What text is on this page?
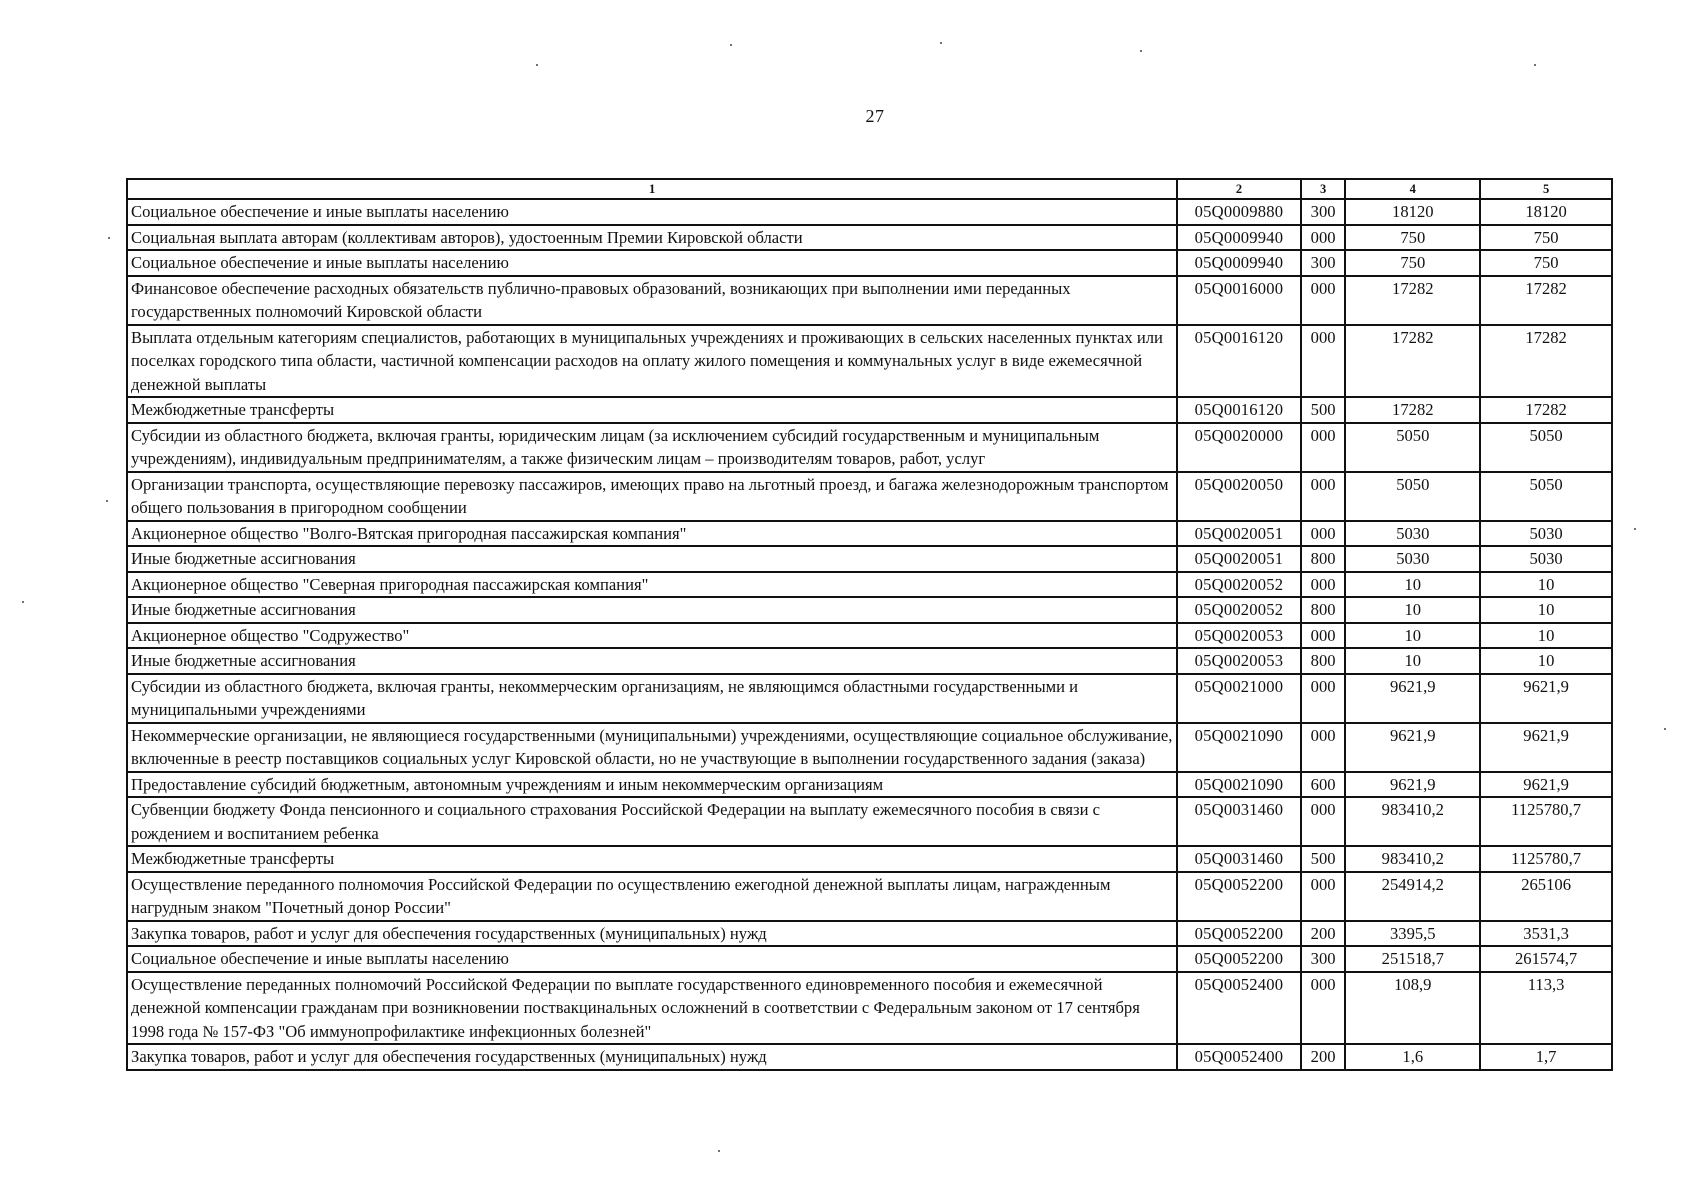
27
1	2	3	4	5
Социальное обеспечение и иные выплаты населению	05Q0009880	300	18120	18120
Социальная выплата авторам (коллективам авторов), удостоенным Премии Кировской области	05Q0009940	000	750	750
Социальное обеспечение и иные выплаты населению	05Q0009940	300	750	750
Финансовое обеспечение расходных обязательств публично-правовых образований, возникающих при выполнении ими переданных государственных полномочий Кировской области	05Q0016000	000	17282	17282
Выплата отдельным категориям специалистов, работающих в муниципальных учреждениях и проживающих в сельских населенных пунктах или поселках городского типа области, частичной компенсации расходов на оплату жилого помещения и коммунальных услуг в виде ежемесячной денежной выплаты	05Q0016120	000	17282	17282
Межбюджетные трансферты	05Q0016120	500	17282	17282
Субсидии из областного бюджета, включая гранты, юридическим лицам (за исключением субсидий государственным и муниципальным учреждениям), индивидуальным предпринимателям, а также физическим лицам – производителям товаров, работ, услуг	05Q0020000	000	5050	5050
Организации транспорта, осуществляющие перевозку пассажиров, имеющих право на льготный проезд, и багажа железнодорожным транспортом общего пользования в пригородном сообщении	05Q0020050	000	5050	5050
Акционерное общество "Волго-Вятская пригородная пассажирская компания"	05Q0020051	000	5030	5030
Иные бюджетные ассигнования	05Q0020051	800	5030	5030
Акционерное общество "Северная пригородная пассажирская компания"	05Q0020052	000	10	10
Иные бюджетные ассигнования	05Q0020052	800	10	10
Акционерное общество "Содружество"	05Q0020053	000	10	10
Иные бюджетные ассигнования	05Q0020053	800	10	10
Субсидии из областного бюджета, включая гранты, некоммерческим организациям, не являющимся областными государственными и муниципальными учреждениями	05Q0021000	000	9621,9	9621,9
Некоммерческие организации, не являющиеся государственными (муниципальными) учреждениями, осуществляющие социальное обслуживание, включенные в реестр поставщиков социальных услуг Кировской области, но не участвующие в выполнении государственного задания (заказа)	05Q0021090	000	9621,9	9621,9
Предоставление субсидий бюджетным, автономным учреждениям и иным некоммерческим организациям	05Q0021090	600	9621,9	9621,9
Субвенции бюджету Фонда пенсионного и социального страхования Российской Федерации на выплату ежемесячного пособия в связи с рождением и воспитанием ребенка	05Q0031460	000	983410,2	1125780,7
Межбюджетные трансферты	05Q0031460	500	983410,2	1125780,7
Осуществление переданного полномочия Российской Федерации по осуществлению ежегодной денежной выплаты лицам, награжденным нагрудным знаком "Почетный донор России"	05Q0052200	000	254914,2	265106
Закупка товаров, работ и услуг для обеспечения государственных (муниципальных) нужд	05Q0052200	200	3395,5	3531,3
Социальное обеспечение и иные выплаты населению	05Q0052200	300	251518,7	261574,7
Осуществление переданных полномочий Российской Федерации по выплате государственного единовременного пособия и ежемесячной денежной компенсации гражданам при возникновении поствакцинальных осложнений в соответствии с Федеральным законом от 17 сентября 1998 года № 157-ФЗ "Об иммунопрофилактике инфекционных болезней"	05Q0052400	000	108,9	113,3
Закупка товаров, работ и услуг для обеспечения государственных (муниципальных) нужд	05Q0052400	200	1,6	1,7
